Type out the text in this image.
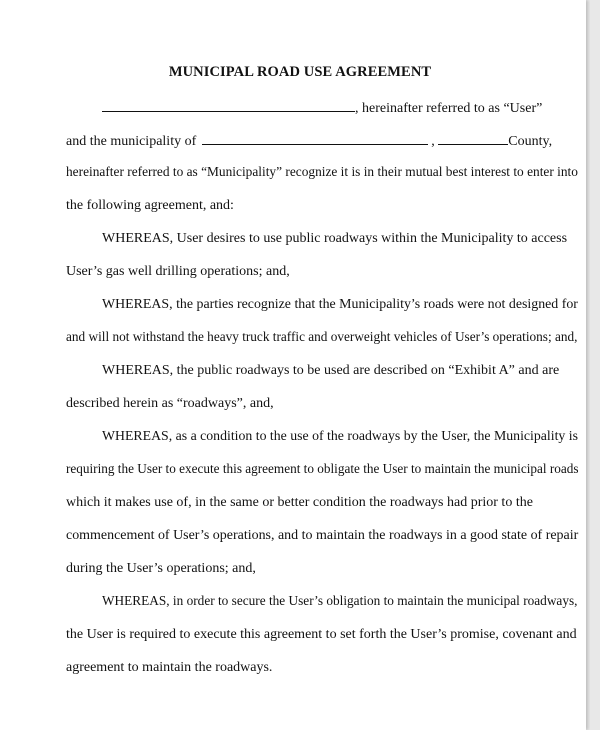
MUNICIPAL ROAD USE AGREEMENT
, hereinafter referred to as “User”
and the municipality of	,	County,
hereinafter referred to as “Municipality” recognize it is in their mutual best interest to enter into
the following agreement, and:
WHEREAS, User desires to use public roadways within the Municipality to access
User’s gas well drilling operations; and,
WHEREAS, the parties recognize that the Municipality’s roads were not designed for
and will not withstand the heavy truck traffic and overweight vehicles of User’s operations; and,
WHEREAS, the public roadways to be used are described on “Exhibit A” and are
described herein as “roadways”, and,
WHEREAS, as a condition to the use of the roadways by the User, the Municipality is
requiring the User to execute this agreement to obligate the User to maintain the municipal roads
which it makes use of, in the same or better condition the roadways had prior to the
commencement of User’s operations, and to maintain the roadways in a good state of repair
during the User’s operations; and,
WHEREAS, in order to secure the User’s obligation to maintain the municipal roadways,
the User is required to execute this agreement to set forth the User’s promise, covenant and
agreement to maintain the roadways.
